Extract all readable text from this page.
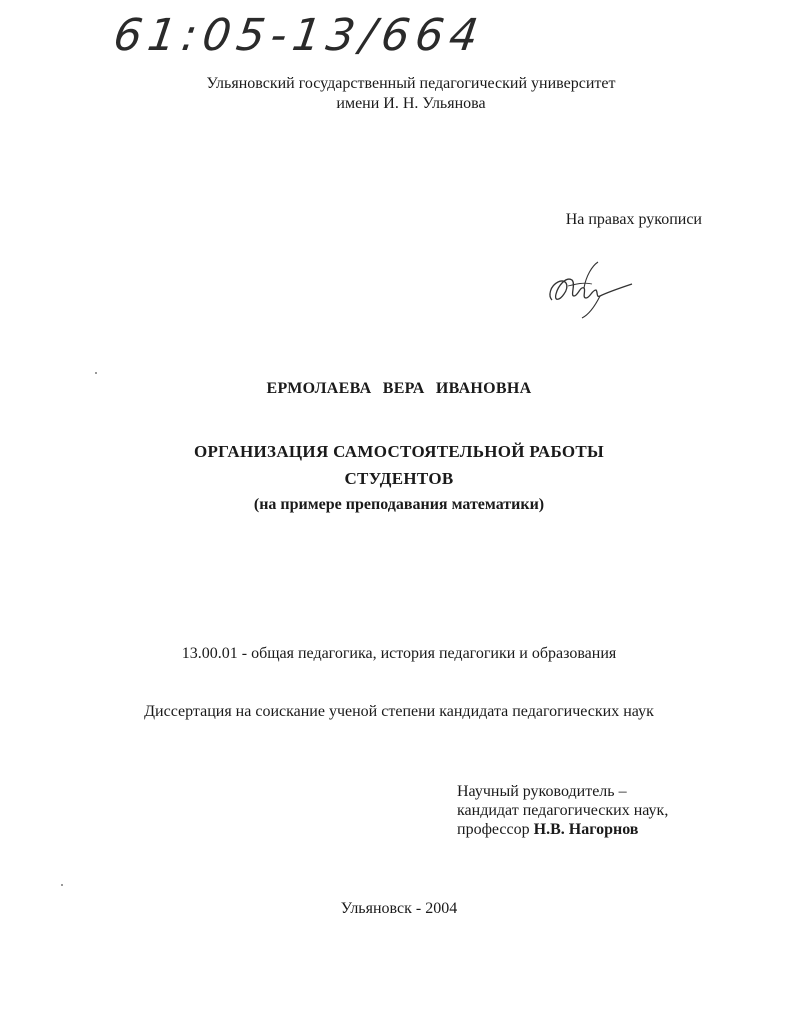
61:05-13/664
Ульяновский государственный педагогический университет
имени И. Н. Ульянова
На правах рукописи
ЕРМОЛАЕВА ВЕРА ИВАНОВНА
ОРГАНИЗАЦИЯ САМОСТОЯТЕЛЬНОЙ РАБОТЫ
СТУДЕНТОВ
(на примере преподавания математики)
13.00.01 - общая педагогика, история педагогики и образования
Диссертация на соискание ученой степени кандидата педагогических наук
Научный руководитель –
кандидат педагогических наук,
профессор Н.В. Нагорнов
Ульяновск - 2004
